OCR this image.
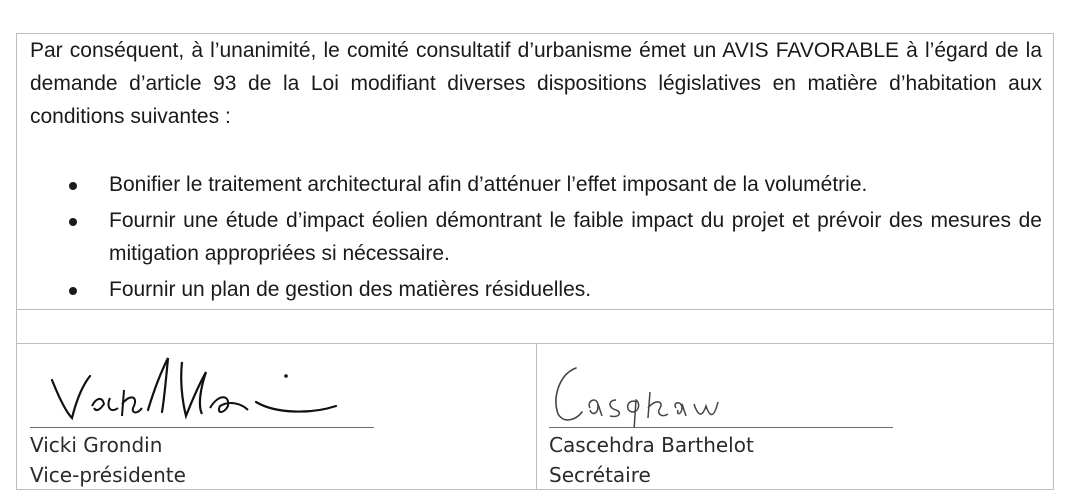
Par conséquent, à l’unanimité, le comité consultatif d’urbanisme émet un AVIS FAVORABLE à l’égard de la demande d’article 93 de la Loi modifiant diverses dispositions législatives en matière d’habitation aux conditions suivantes :

Bonifier le traitement architectural afin d’atténuer l’effet imposant de la volumétrie.
Fournir une étude d’impact éolien démontrant le faible impact du projet et prévoir des mesures de mitigation appropriées si nécessaire.
Fournir un plan de gestion des matières résiduelles.
Vicki Grondin
Vice-présidente
Cascehdra Barthelot
Secrétaire
